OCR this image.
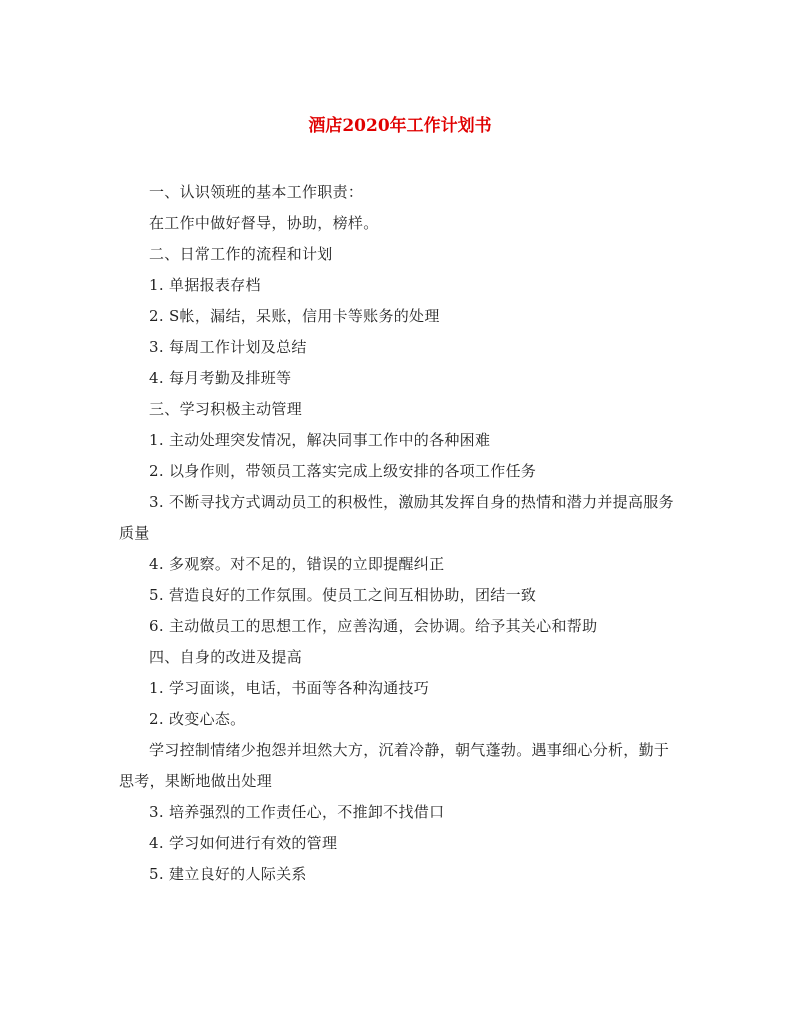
酒店2020年工作计划书

一、认识领班的基本工作职责：

在工作中做好督导，协助，榜样。

二、日常工作的流程和计划

1. 单据报表存档

2. S帐，漏结，呆账，信用卡等账务的处理

3. 每周工作计划及总结

4. 每月考勤及排班等

三、学习积极主动管理

1. 主动处理突发情况，解决同事工作中的各种困难

2. 以身作则，带领员工落实完成上级安排的各项工作任务

3. 不断寻找方式调动员工的积极性，激励其发挥自身的热情和潜力并提高服务质量

4. 多观察。对不足的，错误的立即提醒纠正

5. 营造良好的工作氛围。使员工之间互相协助，团结一致

6. 主动做员工的思想工作，应善沟通，会协调。给予其关心和帮助

四、自身的改进及提高

1. 学习面谈，电话，书面等各种沟通技巧

2. 改变心态。

学习控制情绪少抱怨并坦然大方，沉着冷静，朝气蓬勃。遇事细心分析，勤于思考，果断地做出处理

3. 培养强烈的工作责任心，不推卸不找借口

4. 学习如何进行有效的管理

5. 建立良好的人际关系
